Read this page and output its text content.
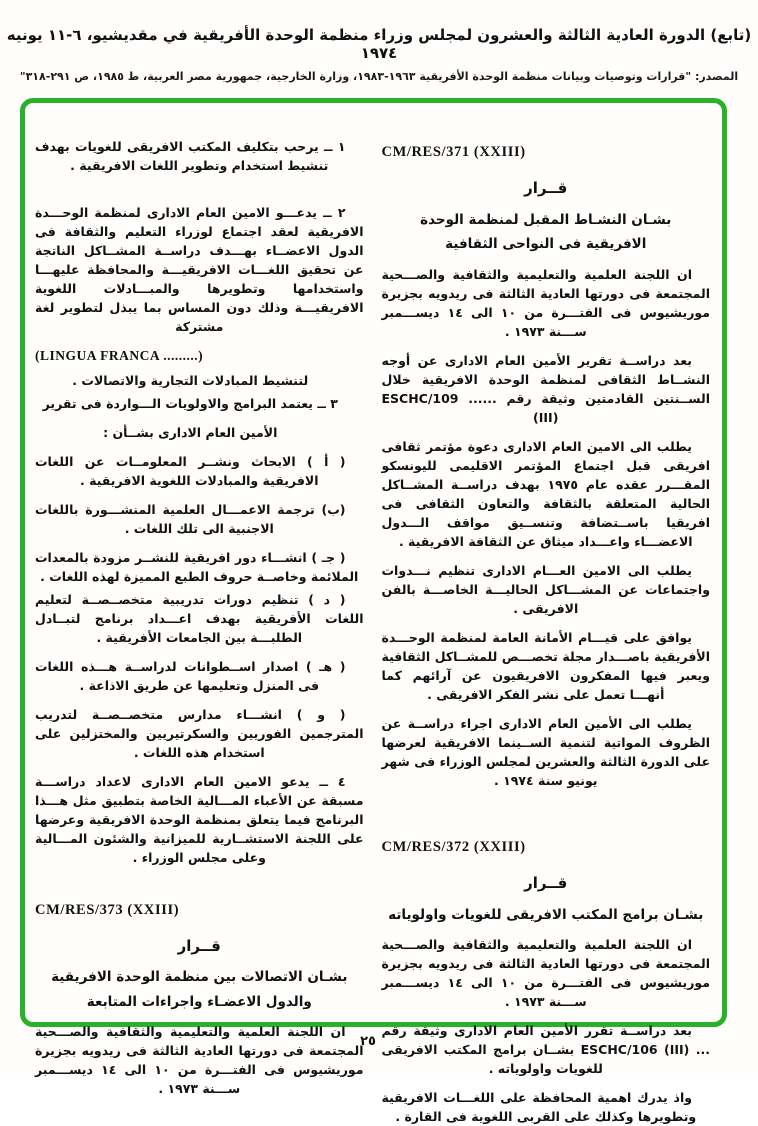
(تابع) الدورة العادية الثالثة والعشرون لمجلس وزراء منظمة الوحدة الأفريقية في مقديشيو، ٦-١١ يونيه ١٩٧٤
المصدر: "قرارات وتوصيات وبيانات منظمة الوحدة الأفريقية ١٩٦٣-١٩٨٣، وزارة الخارجية، جمهورية مصر العربية، ط ١٩٨٥، ص ٢٩١-٣١٨"
CM/RES/371 (XXIII)
قــرار
بشـان النشـاط المقبل لمنظمة الوحدة
الافريقية فى النواحى الثقافية

ان اللجنة العلمية والتعليمية والثقافية والصـــحية المجتمعة فى دورتها العادية الثالثة فى ريدويه بجزيرة موريشيوس فى الفتـــرة من ١٠ الى ١٤ ديســـمبر ســـنة ١٩٧٣ .

بعد دراســة تقرير الأمين العام الادارى عن أوجه النشــاط الثقافى لمنظمة الوحدة الافريقية خلال الســنتين القادمتين وثيقة رقم ...... ESCHC/109 (III)

يطلب الى الامين العام الادارى دعوة مؤتمر ثقافى افريقى قبل اجتماع المؤتمر الاقليمى لليونسكو المقـــرر عقده عام ١٩٧٥ بهدف دراســة المشــاكل الحالية المتعلقة بالثقافة والتعاون الثقافى فى افريقيا باســتضافة وتنســيق مواقف الـــدول الاعضـــاء واعـــداد ميثاق عن الثقافة الافريقية .

يطلب الى الامين العـــام الادارى تنظيم نـــدوات واجتماعات عن المشـــاكل الحاليـــة الخاصـــة بالفن الافريقى .

يوافق على قيـــام الأمانة العامة لمنظمة الوحـــدة الأفريقية باصـــدار مجلة تخصـــص للمشــاكل الثقافية ويعبر فيها المفكرون الافريقيون عن آرائهم كما أنهـــا تعمل على نشر الفكر الافريقى .

يطلب الى الأمين العام الادارى اجراء دراســة عن الظروف المواتية لتنمية الســينما الافريقية لعرضها على الدورة الثالثة والعشرين لمجلس الوزراء فى شهر يونيو سنة ١٩٧٤ .

CM/RES/372 (XXIII)
قــرار
بشـان برامج المكتب الافريقى للغويات واولوياته

ان اللجنة العلمية والتعليمية والثقافية والصـــحية المجتمعة فى دورتها العادية الثالثة فى ريدويه بجزيرة موريشيوس فى الفتـــرة من ١٠ الى ١٤ ديســـمبر ســـنة ١٩٧٣ .

بعد دراســة تقرر الأمين العام الادارى وثيقة رقم ... ESCHC/106 (III) بشــان برامج المكتب الافريقى للغويات واولوياته .

واذ يدرك اهمية المحافظة على اللغـــات الافريقية وتطويرها وكذلك على القربى اللغوية فى القارة .

١ ــ يرحب بتكليف المكتب الافريقى للغويات بهدف تنشيط استخدام وتطوير اللغات الافريقية .

٢ ــ يدعـــو الامين العام الادارى لمنظمة الوحـــدة الافريقية لعقد اجتماع لوزراء التعليم والثقافة فى الدول الاعضــاء بهـــدف دراســة المشــاكل الناتجة عن تحقيق اللغـــات الافريقيـــة والمحافظة عليهـــا واستخدامها وتطويرها والمبـــادلات اللغوية الافريقيـــة وذلك دون المساس بما يبذل لتطوير لغة مشتركة

(LINGUA FRANCA .........)

لتنشيط المبادلات التجارية والاتصالات .

٣ ــ يعتمد البرامج والاولويات الـــواردة فى تقرير

الأمين العام الادارى بشــأن :

( أ ) الابحاث ونشــر المعلومــات عن اللغات الافريقية والمبادلات اللغوية الافريقية .

(ب) ترجمة الاعمـــال العلمية المنشـــورة باللغات الاجنبية الى تلك اللغات .

( جـ ) انشـــاء دور افريقية للنشــر مزودة بالمعدات الملائمة وخاصــة حروف الطبع المميزة لهذه اللغات .

( د ) تنظيم دورات تدريبية متخصــصــة لتعليم اللغات الأفريقية بهدف اعـــداد برنامج لتبــادل الطلبـــة بين الجامعات الأفريقية .

( هـ ) اصدار اســطوانات لدراســة هـــذه اللغات فى المنزل وتعليمها عن طريق الاذاعة .

( و ) انشـــاء مدارس متخصــصــة لتدريب المترجمين الفوريين والسكرتيريين والمختزلين على استخدام هذه اللغات .

٤ ــ يدعو الامين العام الادارى لاعداد دراســـة مسبقة عن الأعباء المـــالية الخاصة بتطبيق مثل هـــذا البرنامج فيما يتعلق بمنظمة الوحدة الافريقية وعرضها على اللجنة الاستشــارية للميزانية والشئون المـــالية وعلى مجلس الوزراء .

CM/RES/373 (XXIII)
قــرار
بشـان الاتصالات بين منظمة الوحدة الافريقية
والدول الاعضـاء واجراءات المتابعة

ان اللجنة العلمية والتعليمية والثقافية والصـــحية المجتمعة فى دورتها العادية الثالثة فى ريدويه بجزيرة موريشيوس فى الفتـــرة من ١٠ الى ١٤ ديســـمبر ســـنة ١٩٧٣ .

٢٥
